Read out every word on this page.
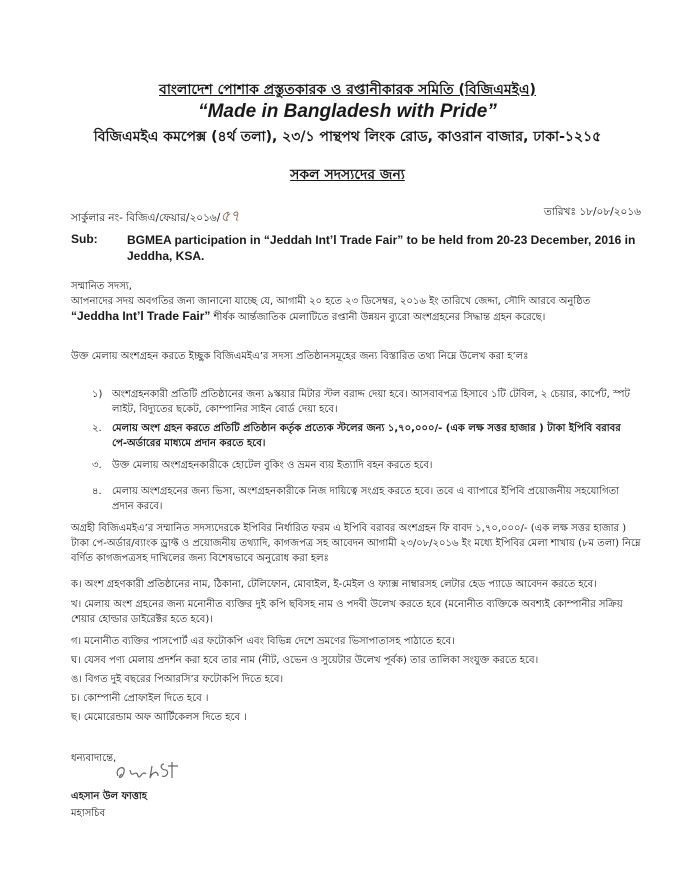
বাংলাদেশ পোশাক প্রস্তুতকারক ও রপ্তানীকারক সমিতি (বিজিএমইএ)
“Made in Bangladesh with Pride”
বিজিএমইএ কমপেক্স (৪র্থ তলা), ২৩/১ পান্থপথ লিংক রোড, কাওরান বাজার, ঢাকা-১২১৫
সকল সদস্যদের জন্য
সার্কুলার নং- বিজিএ/ফেয়ার/২০১৬/৫৭	তারিখঃ ১৮/০৮/২০১৬
Sub: BGMEA participation in “Jeddah Int’l Trade Fair” to be held from 20-23 December, 2016 in Jeddha, KSA.
সম্মানিত সদস্য,
আপনাদের সদয় অবগতির জন্য জানানো যাচ্ছে যে, আগামী ২০ হতে ২৩ ডিসেম্বর, ২০১৬ ইং তারিখে জেদ্দা, সৌদি আরবে অনুষ্ঠিত “Jeddha Int’l Trade Fair” শীর্ষক আর্ন্তজাতিক মেলাটিতে রপ্তানী উন্নয়ন ব্যুরো অংশগ্রহনের সিদ্ধান্ত গ্রহন করেছে।
উক্ত মেলায় অংশগ্রহন করতে ইচ্ছুক বিজিএমইএ’র সদস্য প্রতিষ্ঠানসমূহের জন্য বিস্তারিত তথ্য নিম্নে উলেখ করা হ’লঃ
১) অংশগ্রহনকারী প্রতিটি প্রতিষ্ঠানের জন্য ৯স্কয়ার মিটার স্টল বরাদ্দ দেয়া হবে। আসবাবপত্র হিসাবে ১টি টেবিল, ২ চেয়ার, কার্পেট, স্পট লাইট, বিদ্যুতের ছকেট, কোম্পানির সাইন বোর্ড দেয়া হবে।
২. মেলায় অংশ গ্রহন করতে প্রতিটি প্রতিষ্ঠান কর্তৃক প্রত্যেক স্টলের জন্য ১,৭০,০০০/- (এক লক্ষ সত্তর হাজার ) টাকা ইপিবি বরাবর পে-অর্ডারের মাধ্যমে প্রদান করতে হবে।
৩. উক্ত মেলায় অংশগ্রহনকারীকে হোটেল বুকিং ও ভ্রমন ব্যয় ইত্যাদি বহন করতে হবে।
৪. মেলায় অংশগ্রহনের জন্য ভিসা, অংশগ্রহনকারীকে নিজ দায়িত্বে সংগ্রহ করতে হবে। তবে এ ব্যাপারে ইপিবি প্রয়োজনীয় সহযোগিতা প্রদান করবে।
অগ্রহী বিজিএমইএ’র সম্মানিত সদস্যদেরকে ইপিবির নির্ধারিত ফরম এ ইপিবি বরাবর অংশগ্রহন ফি বাবদ ১,৭০,০০০/- (এক লক্ষ সত্তর হাজার ) টাকা পে-অর্ডার/ব্যাংক ড্রাফ্ট ও প্রয়োজনীয় তথ্যাদি, কাগজপত্র সহ আবেদন আগামী ২৩/০৮/২০১৬ ইং মধ্যে ইপিবির মেলা শাখায় (৮ম তলা) নিম্নে বর্ণিত কাগজপত্রসহ দাখিলের জন্য বিশেষভাবে অনুরোধ করা হলঃ
ক। অংশ গ্রহণকারী প্রতিষ্ঠানের নাম, ঠিকানা, টেলিফোন, মোবাইল, ই-মেইল ও ফ্যাক্স নাম্বারসহ লেটার হেড প্যাডে আবেদন করতে হবে।
খ। মেলায় অংশ গ্রহনের জন্য মনোনীত ব্যক্তির দুই কপি ছবিসহ নাম ও পদবী উলেখ করতে হবে (মনোনীত ব্যক্তিকে অবশ্যই কোম্পানীর সক্রিয় শেয়ার হোল্ডার ডাইরেক্টর হতে হবে)।
গ। মনোনীত ব্যক্তির পাসপোর্ট এর ফটোকপি এবং বিভিন্ন দেশে ভ্রমণের ভিসাপাতাসহ পাঠাতে হবে।
ঘ। যেসব পণ্য মেলায় প্রদর্শন করা হবে তার নাম (নীট, ওভেন ও সুয়েটার উলেখ পূর্বক) তার তালিকা সংযুক্ত করতে হবে।
ঙ। বিগত দুই বছরের পিআরসি’র ফটোকপি দিতে হবে।
চ। কোম্পানী প্রোফাইল দিতে হবে ।
ছ। মেমোরেন্ডাম অফ আর্টিকেলস দিতে হবে ।
ধন্যবাদান্তে,
এহসান উল ফাত্তাহ
মহাসচিব
